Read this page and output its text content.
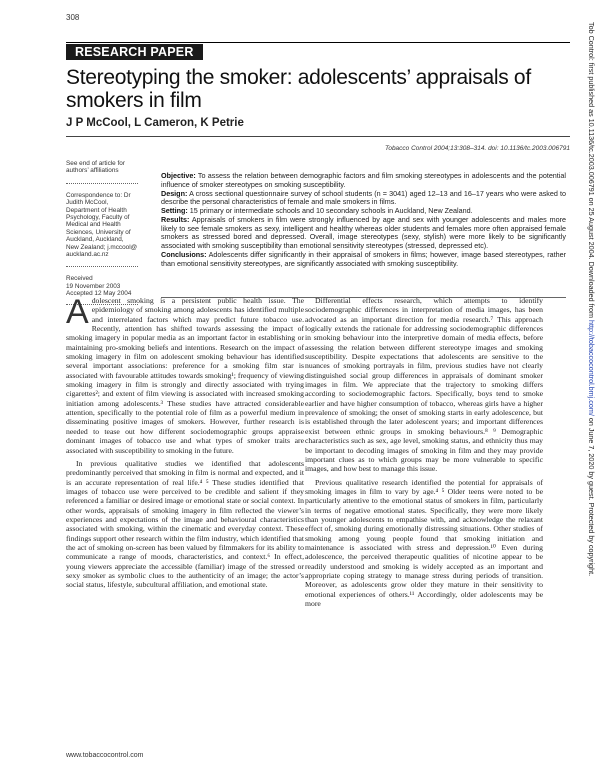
308
RESEARCH PAPER
Stereotyping the smoker: adolescents’ appraisals of smokers in film
J P McCool, L Cameron, K Petrie
Tobacco Control 2004;13:308–314. doi: 10.1136/tc.2003.006791
See end of article for authors’ affiliations
Correspondence to: Dr Judith McCool, Department of Health Psychology, Faculty of Medical and Health Sciences, University of Auckland, Auckland, New Zealand; j.mccool@ auckland.ac.nz
Received
19 November 2003
Accepted 12 May 2004

Objective: To assess the relation between demographic factors and film smoking stereotypes in adolescents and the potential influence of smoker stereotypes on smoking susceptibility.

Design: A cross sectional questionnaire survey of school students (n = 3041) aged 12–13 and 16–17 years who were asked to describe the personal characteristics of female and male smokers in films.

Setting: 15 primary or intermediate schools and 10 secondary schools in Auckland, New Zealand.

Results: Appraisals of smokers in film were strongly influenced by age and sex with younger adolescents and males more likely to see female smokers as sexy, intelligent and healthy whereas older students and females more often appraised female smokers as stressed bored and depressed. Overall, image stereotypes (sexy, stylish) were more likely to be significantly associated with smoking susceptibility than emotional sensitivity stereotypes (stressed, depressed etc).

Conclusions: Adolescents differ significantly in their appraisal of smokers in films; however, image based stereotypes, rather than emotional sensitivity stereotypes, are significantly associated with smoking susceptibility.

Adolescent smoking is a persistent public health issue. The epidemiology of smoking among adolescents has identified multiple and interrelated factors which may predict future tobacco use. Recently, attention has shifted towards assessing the impact of smoking imagery in popular media as an important factor in establishing or maintaining pro-smoking beliefs and intentions. Research on the impact of smoking imagery in film on adolescent smoking behaviour has identified several important associations: preference for a smoking film star is associated with favourable attitudes towards smoking¹; frequency of viewing smoking imagery in film is strongly and directly associated with trying cigarettes²; and extent of film viewing is associated with increased smoking initiation among adolescents.³ These studies have attracted considerable attention, specifically to the potential role of film as a powerful medium in disseminating positive images of smokers. However, further research is needed to tease out how different sociodemographic groups appraise dominant images of tobacco use and what types of smoker traits are associated with susceptibility to smoking in the future.

In previous qualitative studies we identified that adolescents predominantly perceived that smoking in film is normal and expected, and it is an accurate representation of real life.⁴ ⁵ These studies identified that images of tobacco use were perceived to be credible and salient if they referenced a familiar or desired image or emotional state or social context. In other words, appraisals of smoking imagery in film reflected the viewer’s experiences and expectations of the image and behavioural characteristics associated with smoking, within the cinematic and everyday context. These findings support other research within the film industry, which identified that the act of smoking on-screen has been valued by filmmakers for its ability to communicate a range of moods, characteristics, and context.⁶ In effect, young viewers appreciate the accessible (familiar) image of the stressed or sexy smoker as symbolic clues to the authenticity of an image; the actor’s social status, lifestyle, subcultural affiliation, and emotional state.

Differential effects research, which attempts to identify sociodemographic differences in interpretation of media images, has been advocated as an important direction for media research.⁷ This approach logically extends the rationale for addressing sociodemographic differences in smoking behaviour into the interpretive domain of media effects, before assessing the relation between different stereotype images and smoking susceptibility. Despite expectations that adolescents are sensitive to the nuances of smoking portrayals in film, previous studies have not clearly distinguished social group differences in appraisals of dominant smoker images in film. We appreciate that the trajectory to smoking differs according to sociodemographic factors. Specifically, boys tend to smoke earlier and have higher consumption of tobacco, whereas girls have a higher prevalence of smoking; the onset of smoking starts in early adolescence, but is established through the later adolescent years; and important differences exist between ethnic groups in smoking behaviours.⁸ ⁹ Demographic characteristics such as sex, age level, smoking status, and ethnicity thus may be important to decoding images of smoking in film and they may provide important clues as to which groups may be more vulnerable to specific images, and how best to manage this issue.

Previous qualitative research identified the potential for appraisals of smoking images in film to vary by age.⁴ ⁵ Older teens were noted to be particularly attentive to the emotional status of smokers in film, particularly in terms of negative emotional states. Specifically, they were more likely than younger adolescents to empathise with, and acknowledge the relaxant effect of, smoking during emotionally distressing situations. Other studies of smoking among young people found that smoking initiation and maintenance is associated with stress and depression.¹⁰ Even during adolescence, the perceived therapeutic qualities of nicotine appear to be readily understood and smoking is widely accepted as an important and appropriate coping strategy to manage stress during periods of transition. Moreover, as adolescents grow older they mature in their sensitivity to emotional experiences of others.¹¹ Accordingly, older adolescents may be more

www.tobaccocontrol.com
Tob Control: first published as 10.1136/tc.2003.006791 on 25 August 2004. Downloaded from http://tobaccocontrol.bmj.com/ on June 7, 2020 by guest. Protected by copyright.
